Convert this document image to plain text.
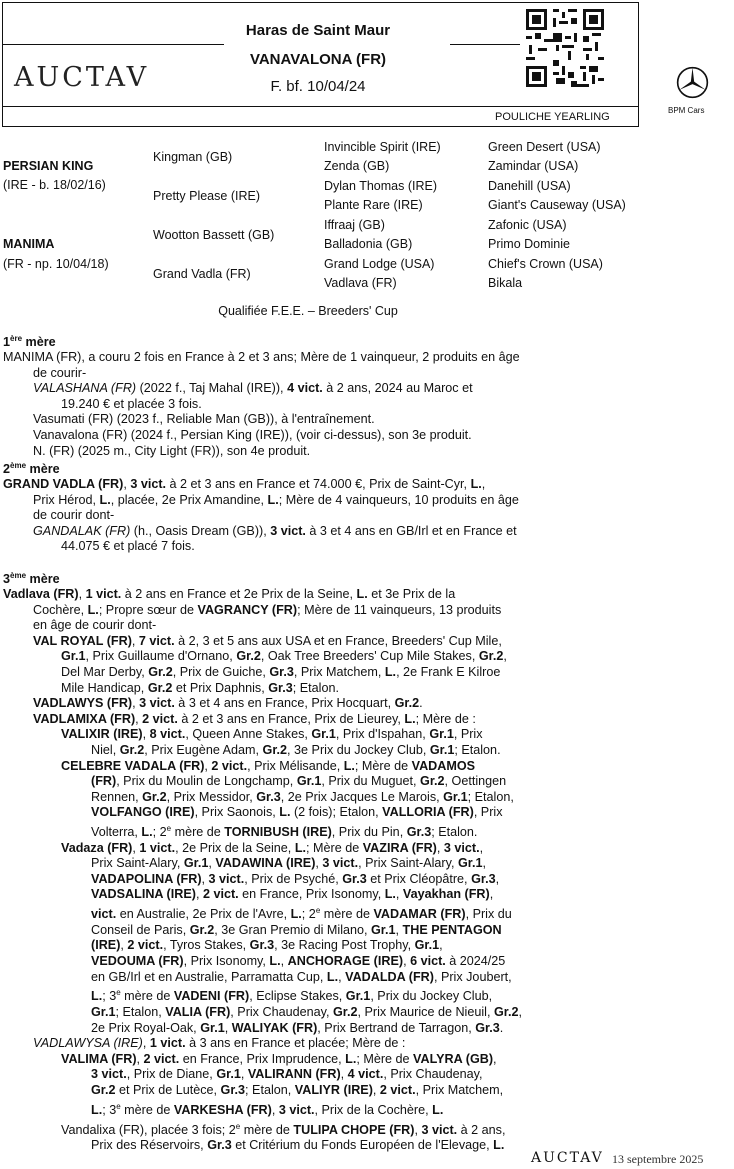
AUCTAV
Haras de Saint Maur
VANAVALONA (FR)
F. bf. 10/04/24
POULICHE YEARLING
BPM Cars
PERSIAN KING
(IRE - b. 18/02/16)
MANIMA
(FR - np. 10/04/18)
Kingman (GB)
Pretty Please (IRE)
Wootton Bassett (GB)
Grand Vadla (FR)
Invincible Spirit (IRE)
Zenda (GB)
Dylan Thomas (IRE)
Plante Rare (IRE)
Iffraaj (GB)
Balladonia (GB)
Grand Lodge (USA)
Vadlava (FR)
Green Desert (USA)
Zamindar (USA)
Danehill (USA)
Giant's Causeway (USA)
Zafonic (USA)
Primo Dominie
Chief's Crown (USA)
Bikala
Qualifiée F.E.E. – Breeders' Cup
1ère mère
MANIMA (FR), a couru 2 fois en France à 2 et 3 ans; Mère de 1 vainqueur, 2 produits en âge
de courir-
VALASHANA (FR) (2022 f., Taj Mahal (IRE)), 4 vict. à 2 ans, 2024 au Maroc et
19.240 € et placée 3 fois.
Vasumati (FR) (2023 f., Reliable Man (GB)), à l'entraînement.
Vanavalona (FR) (2024 f., Persian King (IRE)), (voir ci-dessus), son 3e produit.
N. (FR) (2025 m., City Light (FR)), son 4e produit.
2ème mère
GRAND VADLA (FR), 3 vict. à 2 et 3 ans en France et 74.000 €, Prix de Saint-Cyr, L.,
Prix Hérod, L., placée, 2e Prix Amandine, L.; Mère de 4 vainqueurs, 10 produits en âge
de courir dont-
GANDALAK (FR) (h., Oasis Dream (GB)), 3 vict. à 3 et 4 ans en GB/Irl et en France et
44.075 € et placé 7 fois.
3ème mère
Vadlava (FR), 1 vict. à 2 ans en France et 2e Prix de la Seine, L. et 3e Prix de la
Cochère, L.; Propre sœur de VAGRANCY (FR); Mère de 11 vainqueurs, 13 produits
en âge de courir dont-
VAL ROYAL (FR), 7 vict. à 2, 3 et 5 ans aux USA et en France, Breeders' Cup Mile,
Gr.1, Prix Guillaume d'Ornano, Gr.2, Oak Tree Breeders' Cup Mile Stakes, Gr.2,
Del Mar Derby, Gr.2, Prix de Guiche, Gr.3, Prix Matchem, L., 2e Frank E Kilroe
Mile Handicap, Gr.2 et Prix Daphnis, Gr.3; Etalon.
VADLAWYS (FR), 3 vict. à 3 et 4 ans en France, Prix Hocquart, Gr.2.
VADLAMIXA (FR), 2 vict. à 2 et 3 ans en France, Prix de Lieurey, L.; Mère de :
VALIXIR (IRE), 8 vict., Queen Anne Stakes, Gr.1, Prix d'Ispahan, Gr.1, Prix
Niel, Gr.2, Prix Eugène Adam, Gr.2, 3e Prix du Jockey Club, Gr.1; Etalon.
CELEBRE VADALA (FR), 2 vict., Prix Mélisande, L.; Mère de VADAMOS
(FR), Prix du Moulin de Longchamp, Gr.1, Prix du Muguet, Gr.2, Oettingen
Rennen, Gr.2, Prix Messidor, Gr.3, 2e Prix Jacques Le Marois, Gr.1; Etalon,
VOLFANGO (IRE), Prix Saonois, L. (2 fois); Etalon, VALLORIA (FR), Prix
Volterra, L.; 2e mère de TORNIBUSH (IRE), Prix du Pin, Gr.3; Etalon.
Vadaza (FR), 1 vict., 2e Prix de la Seine, L.; Mère de VAZIRA (FR), 3 vict.,
Prix Saint-Alary, Gr.1, VADAWINA (IRE), 3 vict., Prix Saint-Alary, Gr.1,
VADAPOLINA (FR), 3 vict., Prix de Psyché, Gr.3 et Prix Cléopâtre, Gr.3,
VADSALINA (IRE), 2 vict. en France, Prix Isonomy, L., Vayakhan (FR),
vict. en Australie, 2e Prix de l'Avre, L.; 2e mère de VADAMAR (FR), Prix du
Conseil de Paris, Gr.2, 3e Gran Premio di Milano, Gr.1, THE PENTAGON
(IRE), 2 vict., Tyros Stakes, Gr.3, 3e Racing Post Trophy, Gr.1,
VEDOUMA (FR), Prix Isonomy, L., ANCHORAGE (IRE), 6 vict. à 2024/25
en GB/Irl et en Australie, Parramatta Cup, L., VADALDA (FR), Prix Joubert,
L.; 3e mère de VADENI (FR), Eclipse Stakes, Gr.1, Prix du Jockey Club,
Gr.1; Etalon, VALIA (FR), Prix Chaudenay, Gr.2, Prix Maurice de Nieuil, Gr.2,
2e Prix Royal-Oak, Gr.1, WALIYAK (FR), Prix Bertrand de Tarragon, Gr.3.
VADLAWYSA (IRE), 1 vict. à 3 ans en France et placée; Mère de :
VALIMA (FR), 2 vict. en France, Prix Imprudence, L.; Mère de VALYRA (GB),
3 vict., Prix de Diane, Gr.1, VALIRANN (FR), 4 vict., Prix Chaudenay,
Gr.2 et Prix de Lutèce, Gr.3; Etalon, VALIYR (IRE), 2 vict., Prix Matchem,
L.; 3e mère de VARKESHA (FR), 3 vict., Prix de la Cochère, L.
Vandalixa (FR), placée 3 fois; 2e mère de TULIPA CHOPE (FR), 3 vict. à 2 ans,
Prix des Réservoirs, Gr.3 et Critérium du Fonds Européen de l'Elevage, L.
AUCTAV 13 septembre 2025
